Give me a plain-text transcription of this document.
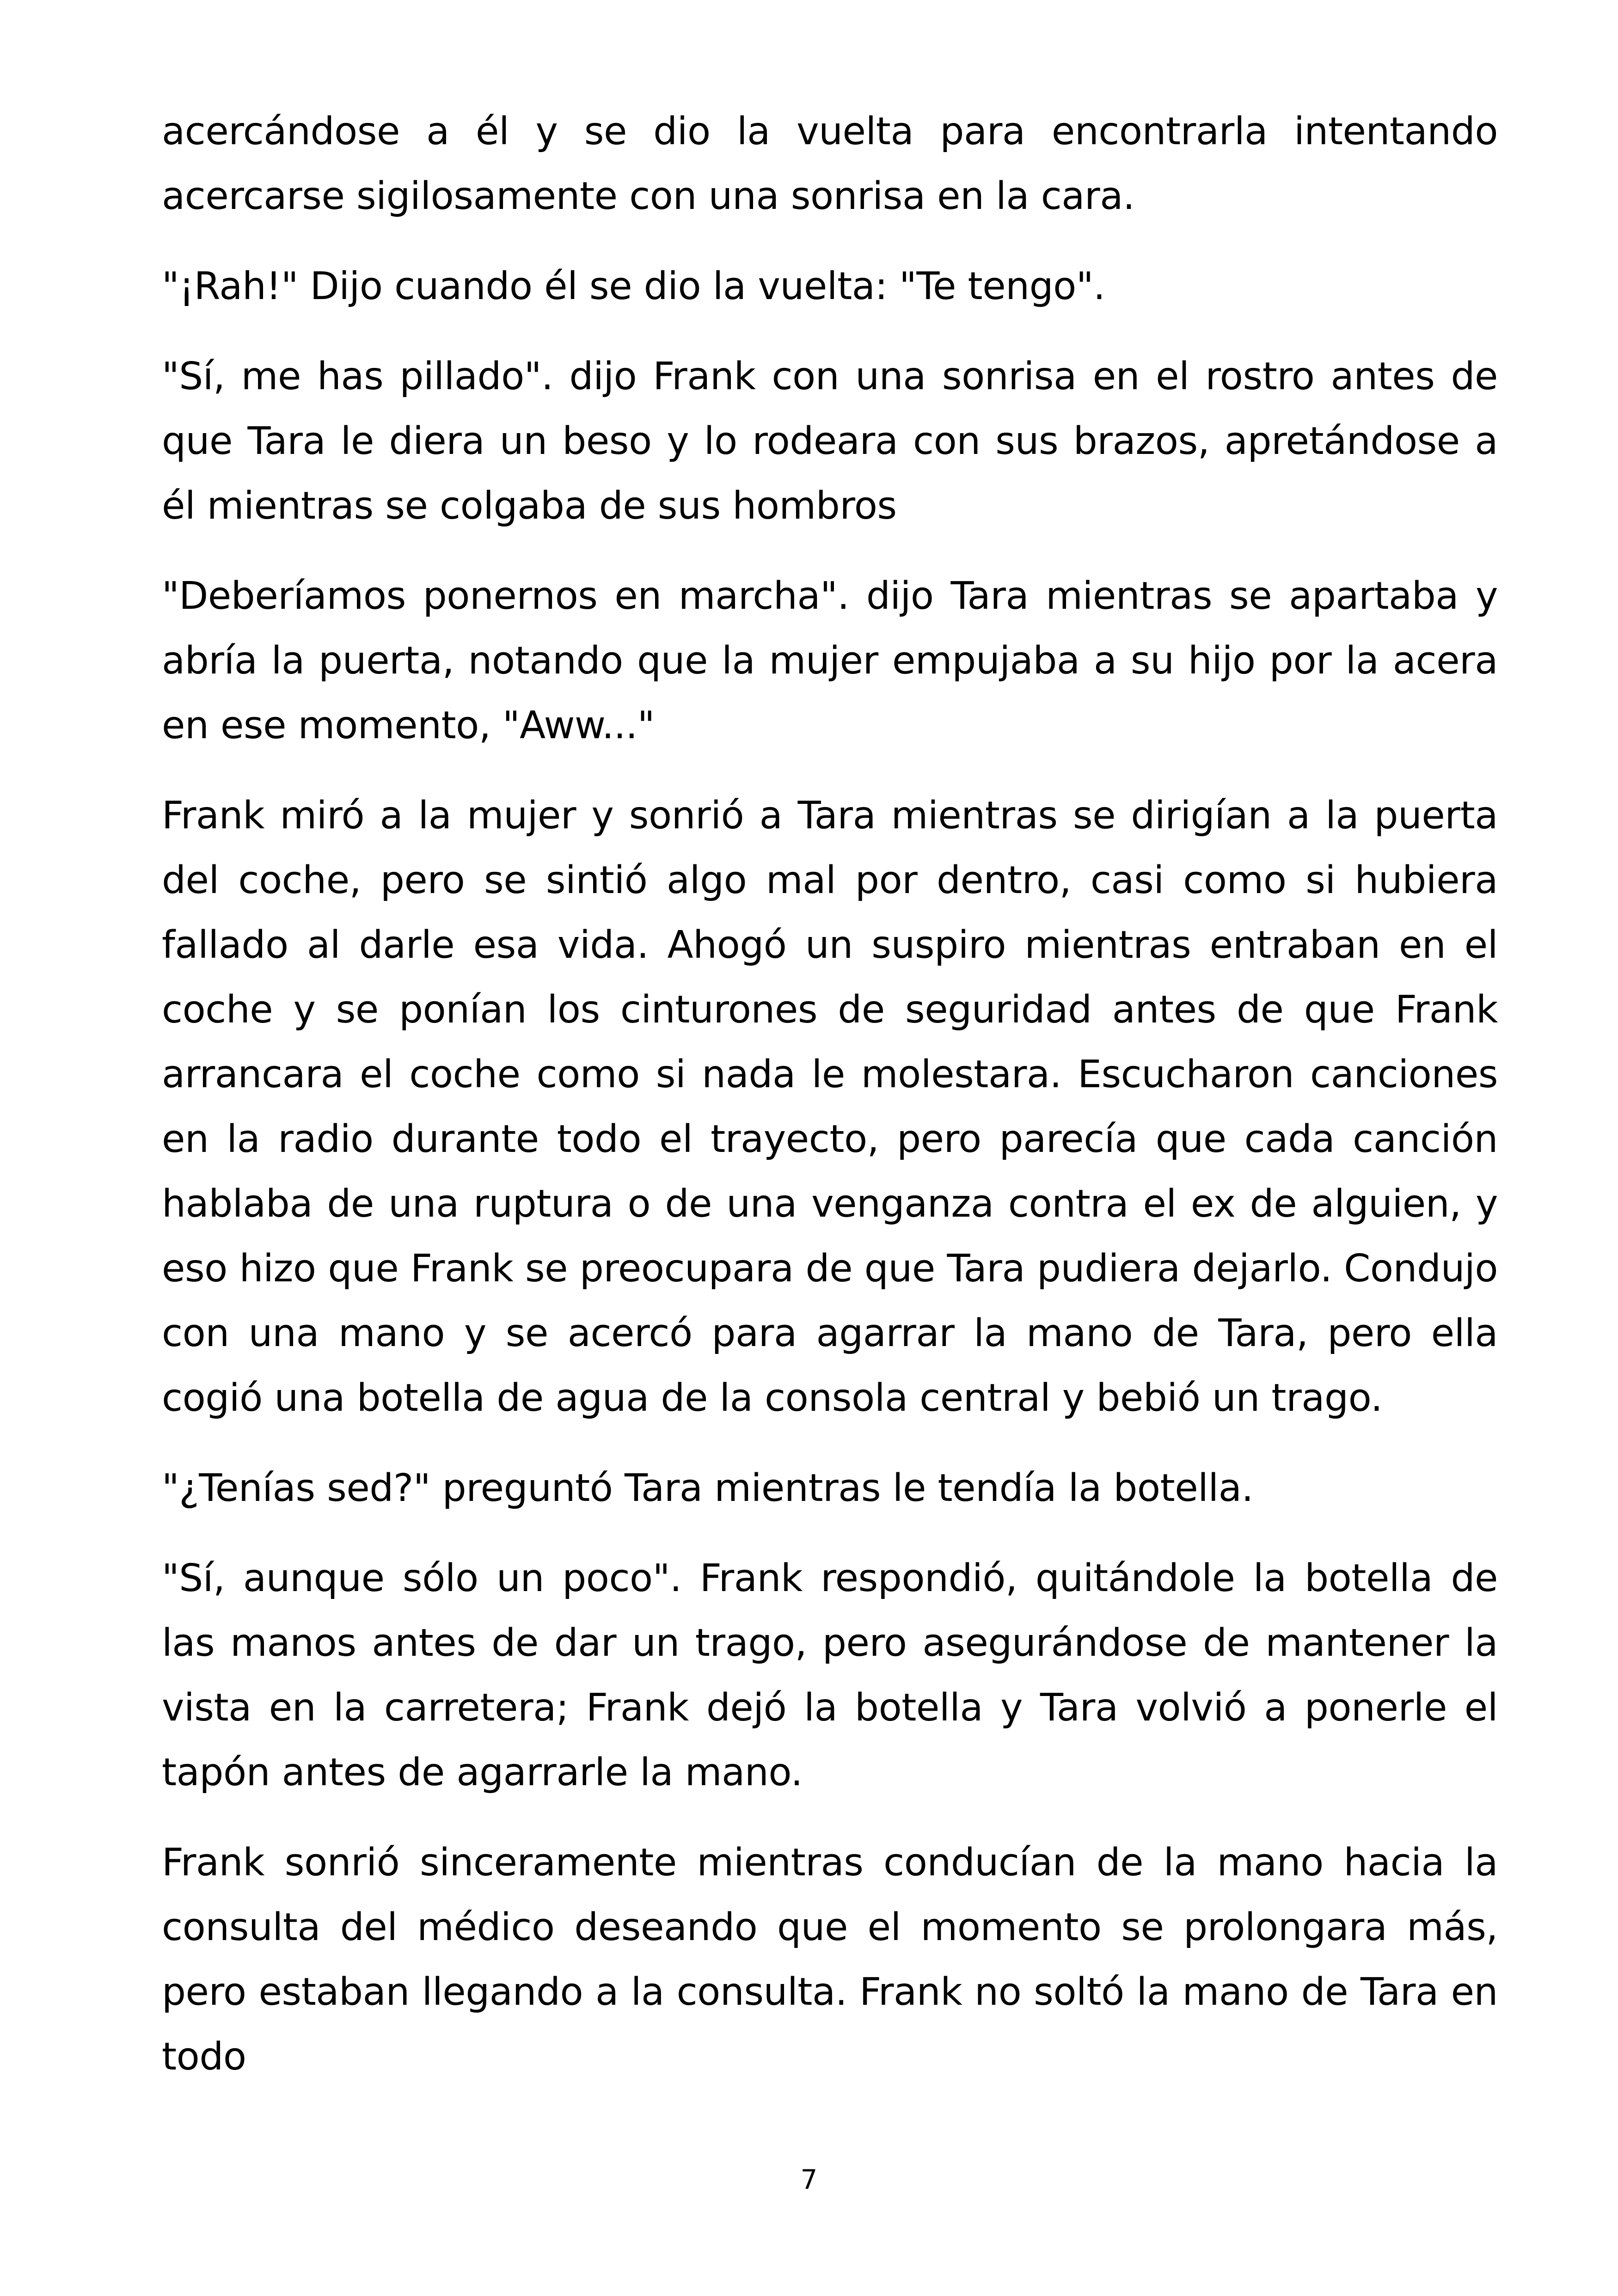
acercándose a él y se dio la vuelta para encontrarla intentando acercarse sigilosamente con una sonrisa en la cara.

"¡Rah!" Dijo cuando él se dio la vuelta: "Te tengo".

"Sí, me has pillado". dijo Frank con una sonrisa en el rostro antes de que Tara le diera un beso y lo rodeara con sus brazos, apretándose a él mientras se colgaba de sus hombros

"Deberíamos ponernos en marcha". dijo Tara mientras se apartaba y abría la puerta, notando que la mujer empujaba a su hijo por la acera en ese momento, "Aww..."

Frank miró a la mujer y sonrió a Tara mientras se dirigían a la puerta del coche, pero se sintió algo mal por dentro, casi como si hubiera fallado al darle esa vida. Ahogó un suspiro mientras entraban en el coche y se ponían los cinturones de seguridad antes de que Frank arrancara el coche como si nada le molestara. Escucharon canciones en la radio durante todo el trayecto, pero parecía que cada canción hablaba de una ruptura o de una venganza contra el ex de alguien, y eso hizo que Frank se preocupara de que Tara pudiera dejarlo. Condujo con una mano y se acercó para agarrar la mano de Tara, pero ella cogió una botella de agua de la consola central y bebió un trago.

"¿Tenías sed?" preguntó Tara mientras le tendía la botella.

"Sí, aunque sólo un poco". Frank respondió, quitándole la botella de las manos antes de dar un trago, pero asegurándose de mantener la vista en la carretera; Frank dejó la botella y Tara volvió a ponerle el tapón antes de agarrarle la mano.

Frank sonrió sinceramente mientras conducían de la mano hacia la consulta del médico deseando que el momento se prolongara más, pero estaban llegando a la consulta. Frank no soltó la mano de Tara en todo

7
